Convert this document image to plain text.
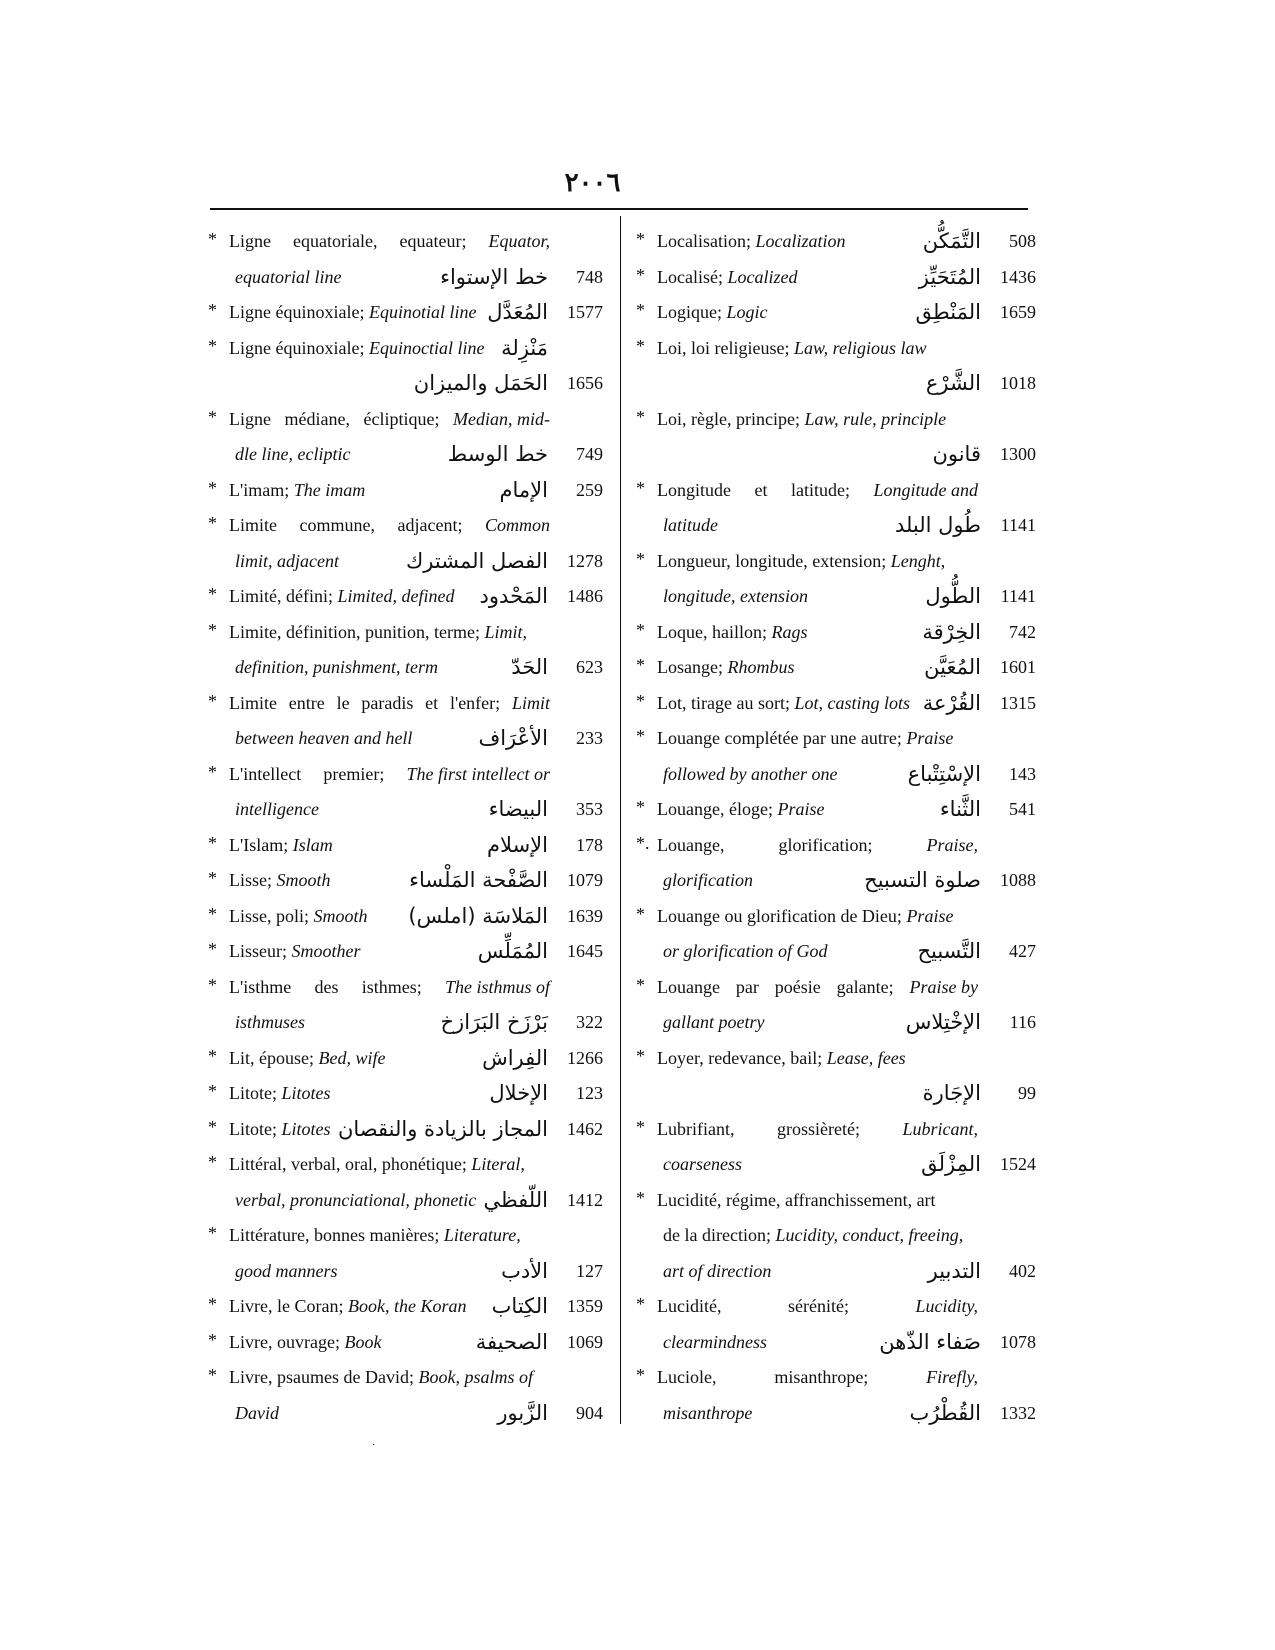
٢٠٠٦
* Ligne equatoriale, equateur; Equator,
equatorial line	خط الإستواء 748
* Ligne équinoxiale; Equinotial line المُعَدَّل 1577
* Ligne équinoxiale; Equinoctial line مَنْزِلة
الحَمَل والميزان 1656
* Ligne médiane, écliptique; Median, mid-
dle line, ecliptic	خط الوسط 749
* L'imam; The imam	الإمام 259
* Limite commune, adjacent; Common
limit, adjacent	الفصل المشترك 1278
* Limité, défini; Limited, defined المَحْدود 1486
* Limite, définition, punition, terme; Limit,
definition, punishment, term	الحَدّ 623
* Limite entre le paradis et l'enfer; Limit
between heaven and hell	الأعْرَاف 233
* L'intellect premier; The first intellect or
intelligence	البيضاء 353
* L'Islam; Islam	الإسلام 178
* Lisse; Smooth	الصَّفْحة المَلْساء 1079
* Lisse, poli; Smooth المَلاسَة (املس) 1639
* Lisseur; Smoother	المُمَلِّس 1645
* L'isthme des isthmes; The isthmus of
isthmuses	بَرْزَخ البَرَازخ 322
* Lit, épouse; Bed, wife	الفِراش 1266
* Litote; Litotes	الإخلال 123
* Litote; Litotes المجاز بالزيادة والنقصان 1462
* Littéral, verbal, oral, phonétique; Literal,
verbal, pronunciational, phonetic اللّفظي 1412
* Littérature, bonnes manières; Literature,
good manners	الأدب 127
* Livre, le Coran; Book, the Koran الكِتاب 1359
* Livre, ouvrage; Book	الصحيفة 1069
* Livre, psaumes de David; Book, psalms of
David	الزَّبور 904
* Localisation; Localization	التَّمَكُّن 508
* Localisé; Localized	المُتَحَيِّز 1436
* Logique; Logic	المَنْطِق 1659
* Loi, loi religieuse; Law, religious law
الشَّرْع 1018
* Loi, règle, principe; Law, rule, principle
قانون 1300
* Longitude et latitude; Longitude and
latitude	طُول البلد 1141
* Longueur, longitude, extension; Lenght,
longitude, extension	الطُّول 1141
* Loque, haillon; Rags	الخِرْقة 742
* Losange; Rhombus	المُعَيَّن 1601
* Lot, tirage au sort; Lot, casting lots القُرْعة 1315
* Louange complétée par une autre; Praise
followed by another one	الإسْتِتْباع 143
* Louange, éloge; Praise	الثَّناء 541
*. Louange,	glorification;	Praise,
glorification	صلوة التسبيح 1088
* Louange ou glorification de Dieu; Praise
or glorification of God	التَّسبيح 427
* Louange par poésie galante; Praise by
gallant poetry	الإخْتِلاس 116
* Loyer, redevance, bail; Lease, fees
الإجَارة 99
* Lubrifiant, grossièreté; Lubricant,
coarseness	المِزْلَق 1524
* Lucidité, régime, affranchissement, art
de la direction; Lucidity, conduct, freeing,
art of direction	التدبير 402
* Lucidité,	sérénité;	Lucidity,
clearmindness	صَفاء الذّهن 1078
* Luciole,	misanthrope;	Firefly,
misanthrope	القُطْرُب 1332
·
